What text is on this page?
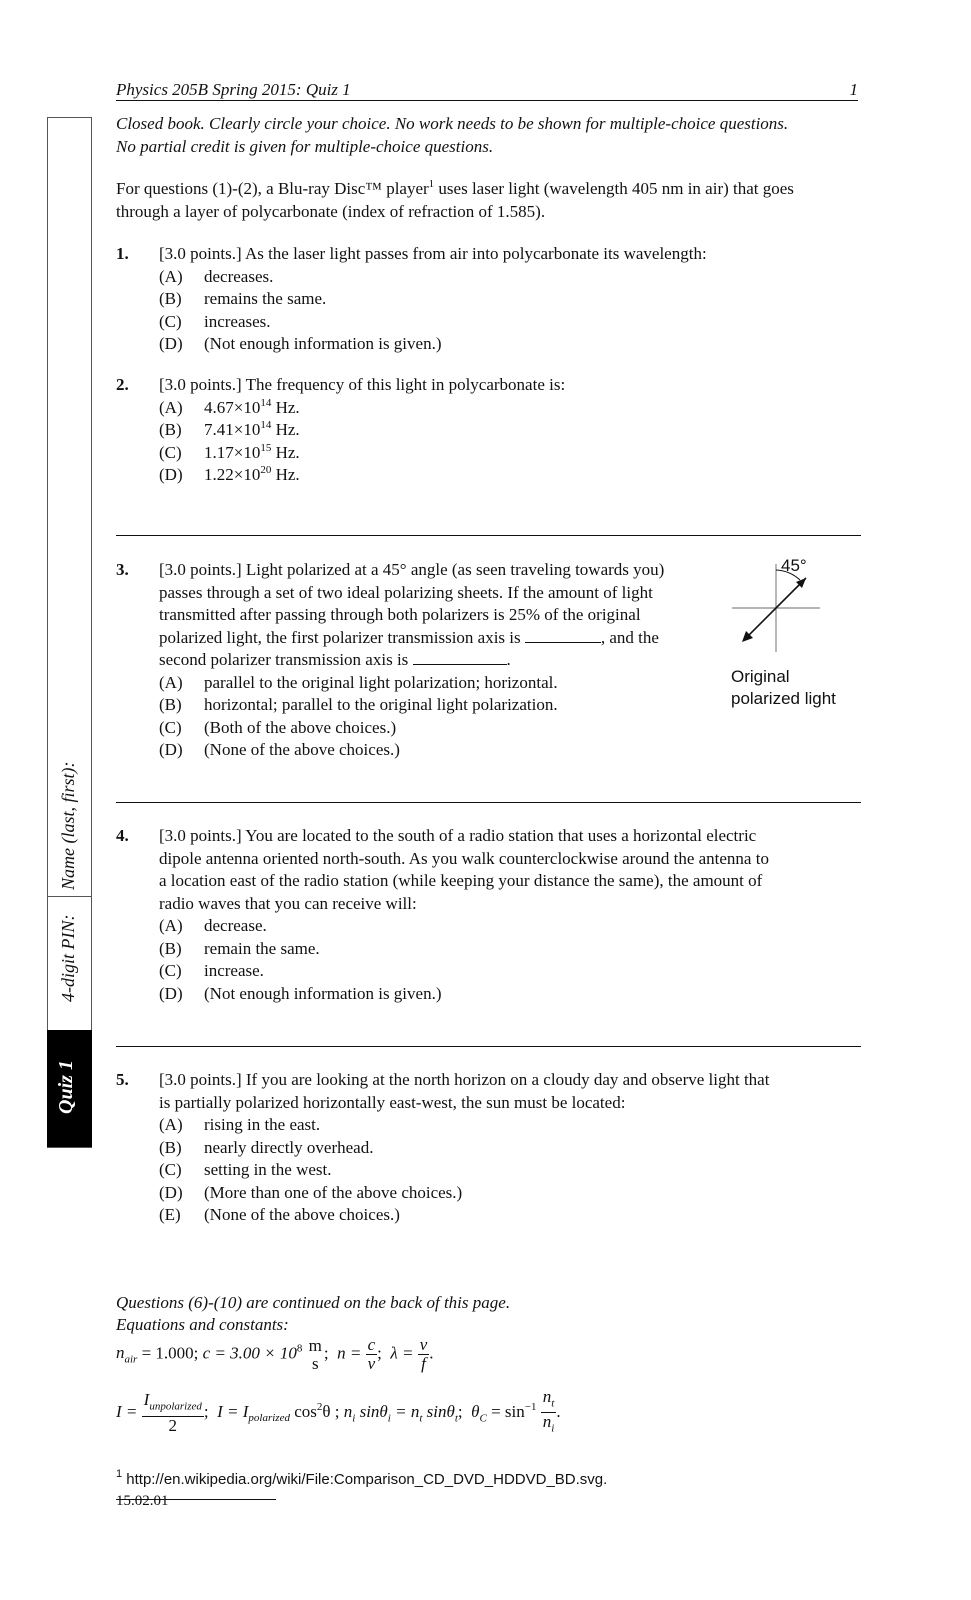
Physics 205B Spring 2015: Quiz 1	1
Quiz 1
4-digit PIN:
Name (last, first):
Closed book. Clearly circle your choice. No work needs to be shown for multiple-choice questions. No partial credit is given for multiple-choice questions.
For questions (1)-(2), a Blu-ray Disc™ player$^1$ uses laser light (wavelength 405 nm in air) that goes through a layer of polycarbonate (index of refraction of 1.585).
1. [3.0 points.] As the laser light passes from air into polycarbonate its wavelength:
(A) decreases.
(B) remains the same.
(C) increases.
(D) (Not enough information is given.)
2. [3.0 points.] The frequency of this light in polycarbonate is:
(A) $4.67\times 10^{14}$ Hz.
(B) $7.41\times 10^{14}$ Hz.
(C) $1.17\times 10^{15}$ Hz.
(D) $1.22\times 10^{20}$ Hz.
3. [3.0 points.] Light polarized at a 45° angle (as seen traveling towards you)
passes through a set of two ideal polarizing sheets. If the amount of light
transmitted after passing through both polarizers is 25% of the original
polarized light, the first polarizer transmission axis is	, and the
second polarizer transmission axis is	.
(A) parallel to the original light polarization; horizontal.
(B) horizontal; parallel to the original light polarization.
(C) (Both of the above choices.)
(D) (None of the above choices.)
45°
Original
polarized light
4. [3.0 points.] You are located to the south of a radio station that uses a horizontal electric
dipole antenna oriented north-south. As you walk counterclockwise around the antenna to
a location east of the radio station (while keeping your distance the same), the amount of
radio waves that you can receive will:
(A) decrease.
(B) remain the same.
(C) increase.
(D) (Not enough information is given.)
5. [3.0 points.] If you are looking at the north horizon on a cloudy day and observe light that
is partially polarized horizontally east-west, the sun must be located:
(A) rising in the east.
(B) nearly directly overhead.
(C) setting in the west.
(D) (More than one of the above choices.)
(E) (None of the above choices.)
Questions (6)-(10) are continued on the back of this page.
Equations and constants:
$n_{air} = 1.000$; $c = 3.00 \times 10^8$ m
s
;  $n = \frac{c}{v}$ ;  $\lambda = \frac{v}{f}$ .
$I = \frac{I_{unpolarized}}{2}$ ;  $I = I_{polarized}$ $\cos^2\theta$ ; $n_i$ $\sin\theta_i = n_t$ sinθ$_t$;  $\theta_C = \sin^{-1} \frac{n_t}{n_i}$ .
$^1$ http://en.wikipedia.org/wiki/File:Comparison_CD_DVD_HDDVD_BD.svg.
15.02.01
